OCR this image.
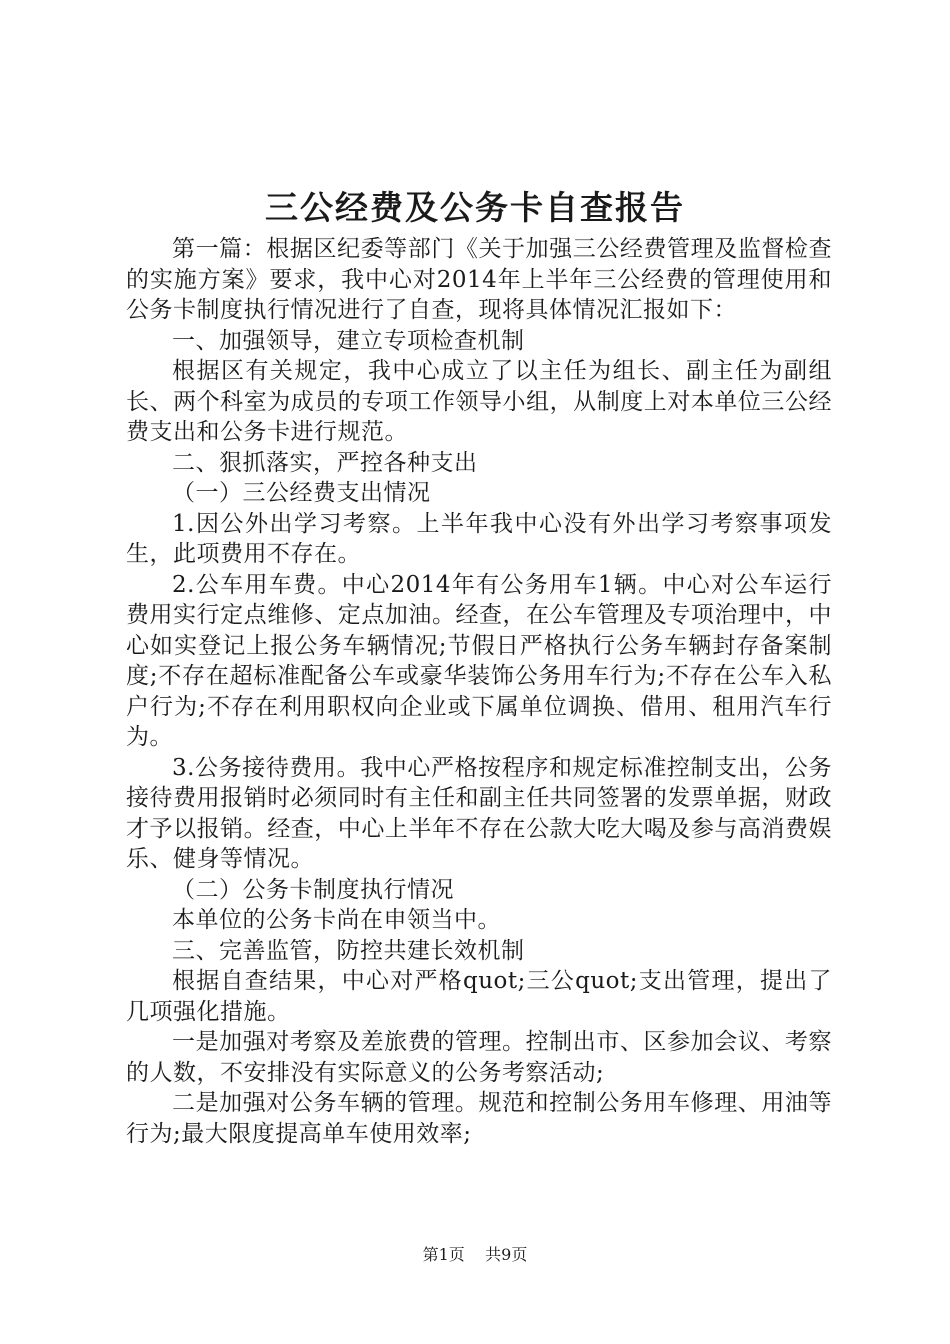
三公经费及公务卡自查报告

第一篇：根据区纪委等部门《关于加强三公经费管理及监督检查的实施方案》要求，我中心对2014年上半年三公经费的管理使用和公务卡制度执行情况进行了自查，现将具体情况汇报如下：

一、加强领导，建立专项检查机制

根据区有关规定，我中心成立了以主任为组长、副主任为副组长、两个科室为成员的专项工作领导小组，从制度上对本单位三公经费支出和公务卡进行规范。

二、狠抓落实，严控各种支出

（一）三公经费支出情况

1.因公外出学习考察。上半年我中心没有外出学习考察事项发生，此项费用不存在。

2.公车用车费。中心2014年有公务用车1辆。中心对公车运行费用实行定点维修、定点加油。经查，在公车管理及专项治理中，中心如实登记上报公务车辆情况;节假日严格执行公务车辆封存备案制度;不存在超标准配备公车或豪华装饰公务用车行为;不存在公车入私户行为;不存在利用职权向企业或下属单位调换、借用、租用汽车行为。

3.公务接待费用。我中心严格按程序和规定标准控制支出，公务接待费用报销时必须同时有主任和副主任共同签署的发票单据，财政才予以报销。经查，中心上半年不存在公款大吃大喝及参与高消费娱乐、健身等情况。

（二）公务卡制度执行情况

本单位的公务卡尚在申领当中。

三、完善监管，防控共建长效机制

根据自查结果，中心对严格quot;三公quot;支出管理，提出了几项强化措施。

一是加强对考察及差旅费的管理。控制出市、区参加会议、考察的人数，不安排没有实际意义的公务考察活动;

二是加强对公务车辆的管理。规范和控制公务用车修理、用油等行为;最大限度提高单车使用效率;

第1页 共9页
